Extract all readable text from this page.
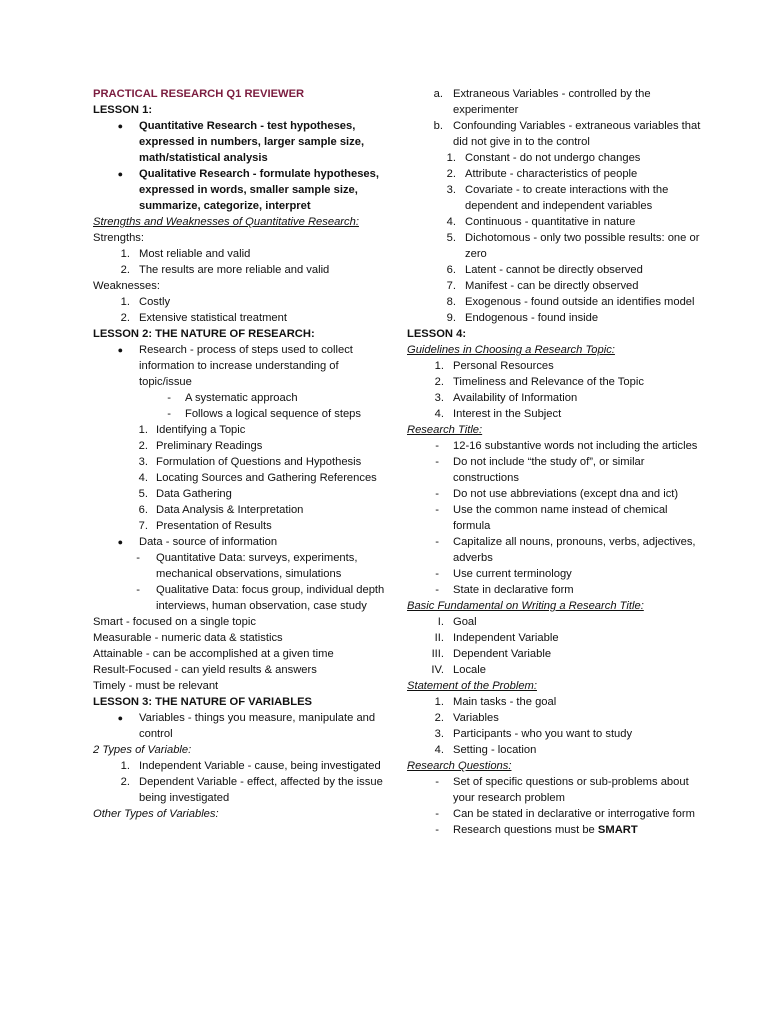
PRACTICAL RESEARCH Q1 REVIEWER
LESSON 1:
● Quantitative Research - test hypotheses, expressed in numbers, larger sample size, math/statistical analysis
● Qualitative Research - formulate hypotheses, expressed in words, smaller sample size, summarize, categorize, interpret
Strengths and Weaknesses of Quantitative Research:
Strengths:
1. Most reliable and valid
2. The results are more reliable and valid
Weaknesses:
1. Costly
2. Extensive statistical treatment
LESSON 2: THE NATURE OF RESEARCH:
● Research - process of steps used to collect information to increase understanding of topic/issue
- A systematic approach
- Follows a logical sequence of steps
1. Identifying a Topic
2. Preliminary Readings
3. Formulation of Questions and Hypothesis
4. Locating Sources and Gathering References
5. Data Gathering
6. Data Analysis & Interpretation
7. Presentation of Results
● Data - source of information
- Quantitative Data: surveys, experiments, mechanical observations, simulations
- Qualitative Data: focus group, individual depth interviews, human observation, case study
Smart - focused on a single topic
Measurable - numeric data & statistics
Attainable - can be accomplished at a given time
Result-Focused - can yield results & answers
Timely - must be relevant
LESSON 3: THE NATURE OF VARIABLES
● Variables - things you measure, manipulate and control
2 Types of Variable:
1. Independent Variable - cause, being investigated
2. Dependent Variable - effect, affected by the issue being investigated
Other Types of Variables:
a. Extraneous Variables - controlled by the experimenter
b. Confounding Variables - extraneous variables that did not give in to the control
1. Constant - do not undergo changes
2. Attribute - characteristics of people
3. Covariate - to create interactions with the dependent and independent variables
4. Continuous - quantitative in nature
5. Dichotomous - only two possible results: one or zero
6. Latent - cannot be directly observed
7. Manifest - can be directly observed
8. Exogenous - found outside an identifies model
9. Endogenous - found inside
LESSON 4:
Guidelines in Choosing a Research Topic:
1. Personal Resources
2. Timeliness and Relevance of the Topic
3. Availability of Information
4. Interest in the Subject
Research Title:
- 12-16 substantive words not including the articles
- Do not include “the study of”, or similar constructions
- Do not use abbreviations (except dna and ict)
- Use the common name instead of chemical formula
- Capitalize all nouns, pronouns, verbs, adjectives, adverbs
- Use current terminology
- State in declarative form
Basic Fundamental on Writing a Research Title:
I. Goal
II. Independent Variable
III. Dependent Variable
IV. Locale
Statement of the Problem:
1. Main tasks - the goal
2. Variables
3. Participants - who you want to study
4. Setting - location
Research Questions:
- Set of specific questions or sub-problems about your research problem
- Can be stated in declarative or interrogative form
- Research questions must be SMART
